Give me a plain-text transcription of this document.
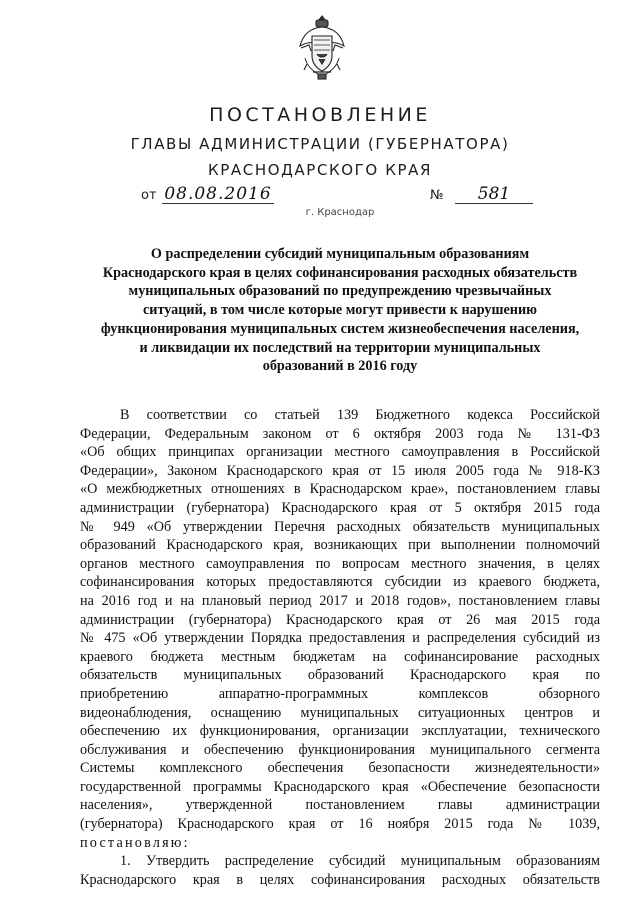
ПОСТАНОВЛЕНИЕ
ГЛАВЫ АДМИНИСТРАЦИИ (ГУБЕРНАТОРА)
КРАСНОДАРСКОГО КРАЯ
от 08.08.2016	№	581
г. Краснодар
О распределении субсидий муниципальным образованиям
Краснодарского края в целях софинансирования расходных обязательств
муниципальных образований по предупреждению чрезвычайных
ситуаций, в том числе которые могут привести к нарушению
функционирования муниципальных систем жизнеобеспечения населения,
и ликвидации их последствий на территории муниципальных
образований в 2016 году
В соответствии со статьей 139 Бюджетного кодекса Российской
Федерации, Федеральным законом от 6 октября 2003 года № 131-ФЗ
«Об общих принципах организации местного самоуправления в Российской
Федерации», Законом Краснодарского края от 15 июля 2005 года № 918-КЗ
«О межбюджетных отношениях в Краснодарском крае», постановлением главы
администрации (губернатора) Краснодарского края от 5 октября 2015 года
№ 949 «Об утверждении Перечня расходных обязательств муниципальных
образований Краснодарского края, возникающих при выполнении полномочий
органов местного самоуправления по вопросам местного значения, в целях
софинансирования которых предоставляются субсидии из краевого бюджета,
на 2016 год и на плановый период 2017 и 2018 годов», постановлением главы
администрации (губернатора) Краснодарского края от 26 мая 2015 года
№ 475 «Об утверждении Порядка предоставления и распределения субсидий из
краевого бюджета местным бюджетам на софинансирование расходных
обязательств муниципальных образований Краснодарского края по
приобретению аппаратно-программных комплексов обзорного
видеонаблюдения, оснащению муниципальных ситуационных центров и
обеспечению их функционирования, организации эксплуатации, технического
обслуживания и обеспечению функционирования муниципального сегмента
Системы комплексного обеспечения безопасности жизнедеятельности»
государственной программы Краснодарского края «Обеспечение безопасности
населения», утвержденной постановлением главы администрации
(губернатора) Краснодарского края от 16 ноября 2015 года № 1039,
постановляю:
1. Утвердить распределение субсидий муниципальным образованиям
Краснодарского края в целях софинансирования расходных обязательств
